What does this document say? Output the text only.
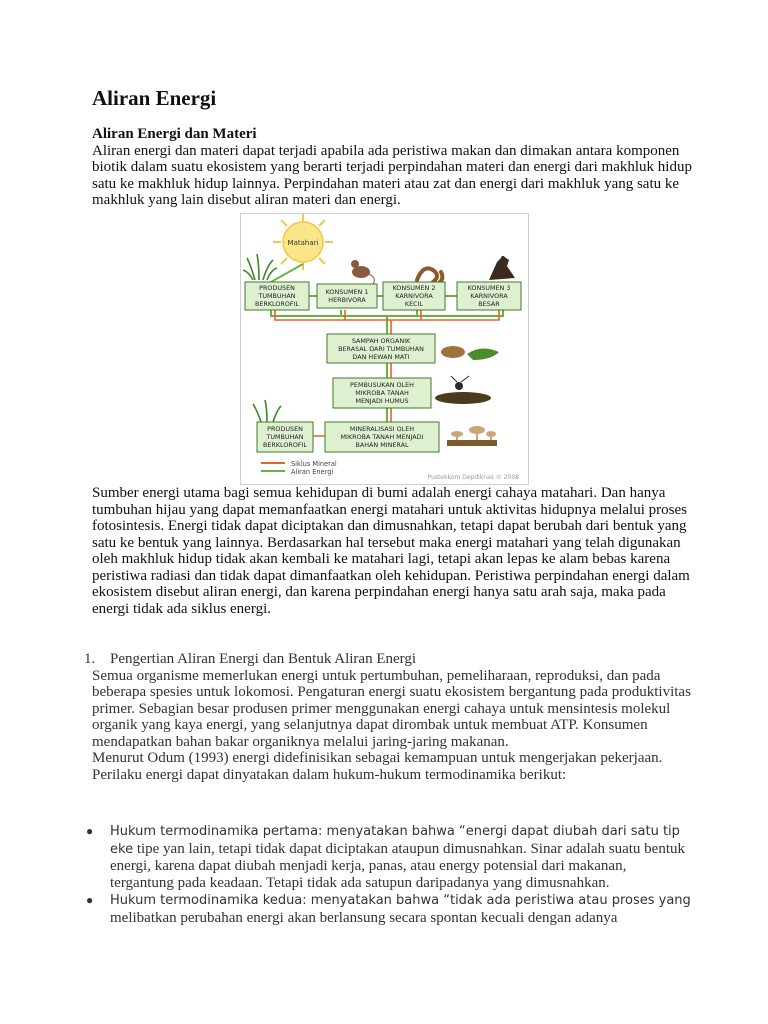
Aliran Energi
Aliran Energi dan Materi

Aliran energi dan materi dapat terjadi apabila ada peristiwa makan dan dimakan antara komponen biotik dalam suatu ekosistem yang berarti terjadi perpindahan materi dan energi dari makhluk hidup satu ke makhluk hidup lainnya. Perpindahan materi atau zat dan energi dari makhluk yang satu ke makhluk yang lain disebut aliran materi dan energi.

Matahari
PRODUSEN
TUMBUHAN
BERKLOROFIL
KONSUMEN 1
HERBIVORA
KONSUMEN 2
KARNIVORA
KECIL
KONSUMEN 3
KARNIVORA
BESAR
SAMPAH ORGANIK
BERASAL DARI TUMBUHAN
DAN HEWAN MATI
PEMBUSUKAN OLEH
MIKROBA TANAH
MENJADI HUMUS
PRODUSEN
TUMBUHAN
BERKLOROFIL
MINERALISASI OLEH
MIKROBA TANAH MENJADI
BAHAN MINERAL
Siklus Mineral
Aliran Energi
Pustekkom Depdiknas © 2008

Sumber energi utama bagi semua kehidupan di bumi adalah energi cahaya matahari. Dan hanya tumbuhan hijau yang dapat memanfaatkan energi matahari untuk aktivitas hidupnya melalui proses fotosintesis. Energi tidak dapat diciptakan dan dimusnahkan, tetapi dapat berubah dari bentuk yang satu ke bentuk yang lainnya. Berdasarkan hal tersebut maka energi matahari yang telah digunakan oleh makhluk hidup tidak akan kembali ke matahari lagi, tetapi akan lepas ke alam bebas karena peristiwa radiasi dan tidak dapat dimanfaatkan oleh kehidupan. Peristiwa perpindahan energi dalam ekosistem disebut aliran energi, dan karena perpindahan energi hanya satu arah saja, maka pada energi tidak ada siklus energi.

1. Pengertian Aliran Energi dan Bentuk Aliran Energi

Semua organisme memerlukan energi untuk pertumbuhan, pemeliharaan, reproduksi, dan pada beberapa spesies untuk lokomosi. Pengaturan energi suatu ekosistem bergantung pada produktivitas primer. Sebagian besar produsen primer menggunakan energi cahaya untuk mensintesis molekul organik yang kaya energi, yang selanjutnya dapat dirombak untuk membuat ATP. Konsumen mendapatkan bahan bakar organiknya melalui jaring-jaring makanan.

Menurut Odum (1993) energi didefinisikan sebagai kemampuan untuk mengerjakan pekerjaan. Perilaku energi dapat dinyatakan dalam hukum-hukum termodinamika berikut:

● Hukum termodinamika pertama: menyatakan bahwa “energi dapat diubah dari satu tip eke tipe yan lain, tetapi tidak dapat diciptakan ataupun dimusnahkan. Sinar adalah suatu bentuk energi, karena dapat diubah menjadi kerja, panas, atau energy potensial dari makanan, tergantung pada keadaan. Tetapi tidak ada satupun daripadanya yang dimusnahkan.
● Hukum termodinamika kedua: menyatakan bahwa “tidak ada peristiwa atau proses yang melibatkan perubahan energi akan berlansung secara spontan kecuali dengan adanya
